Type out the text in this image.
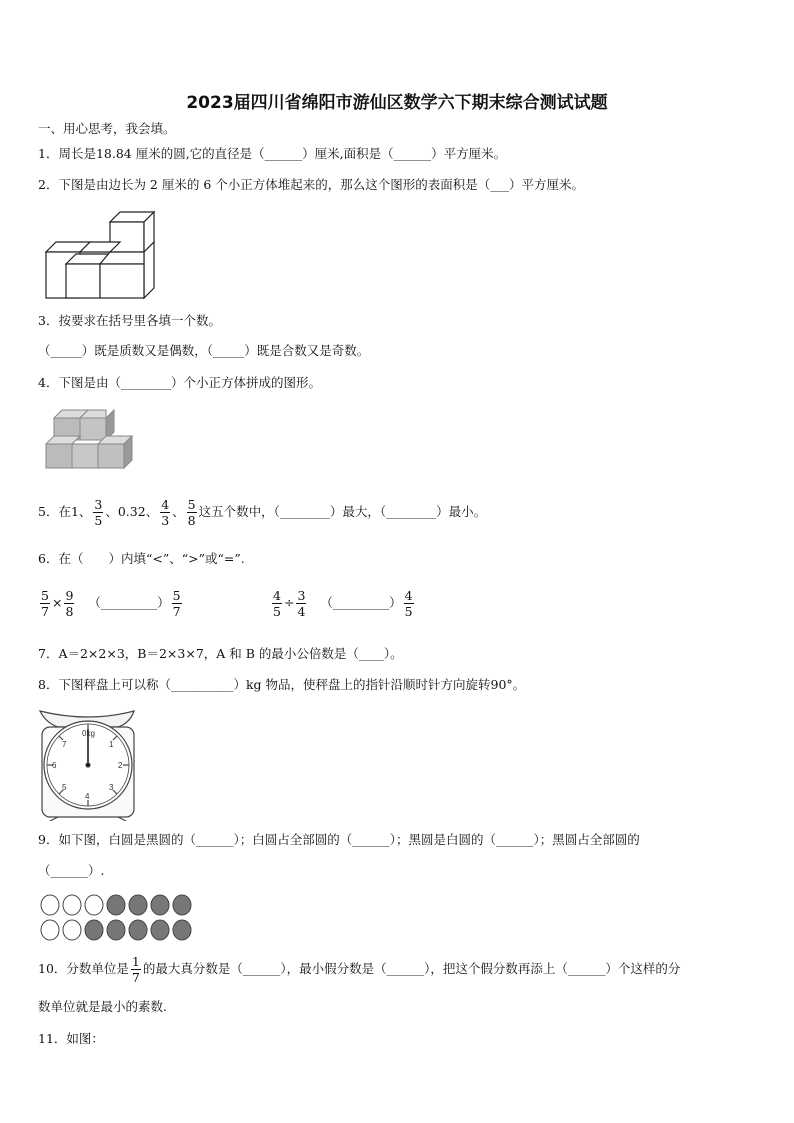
2023届四川省绵阳市游仙区数学六下期末综合测试试题
一、用心思考，我会填。
1．周长是18.84 厘米的圆,它的直径是（______）厘米,面积是（______）平方厘米。
2．下图是由边长为 2 厘米的 6 个小正方体堆起来的，那么这个图形的表面积是（___）平方厘米。
3．按要求在括号里各填一个数。
（_____）既是质数又是偶数，（_____）既是合数又是奇数。
4．下图是由（________）个小正方体拼成的图形。
5．在1、 $\frac{3}{5}$ 、0.32、 $\frac{4}{3}$ 、 $\frac{5}{8}$ 这五个数中，（________）最大，（________）最小。
6．在（　　）内填“<”、“>”或“=”.
$\frac{5}{7} \times \frac{9}{8}$ （_________） $\frac{5}{7}$	$\frac{4}{5} \div \frac{3}{4}$ （_________） $\frac{4}{5}$
7．A＝2×2×3，B＝2×3×7，A 和 B 的最小公倍数是（____）。
8．下图秤盘上可以称（__________）kg 物品，使秤盘上的指针沿顺时针方向旋转90°。
0kg
1
2
3
4
5
6
7
9．如下图，白圆是黑圆的（______）；白圆占全部圆的（______）；黑圆是白圆的（______）；黑圆占全部圆的
（______）.
10．分数单位是 $\frac{1}{7}$ 的最大真分数是（______），最小假分数是（______），把这个假分数再添上（______）个这样的分
数单位就是最小的素数.
11．如图：
